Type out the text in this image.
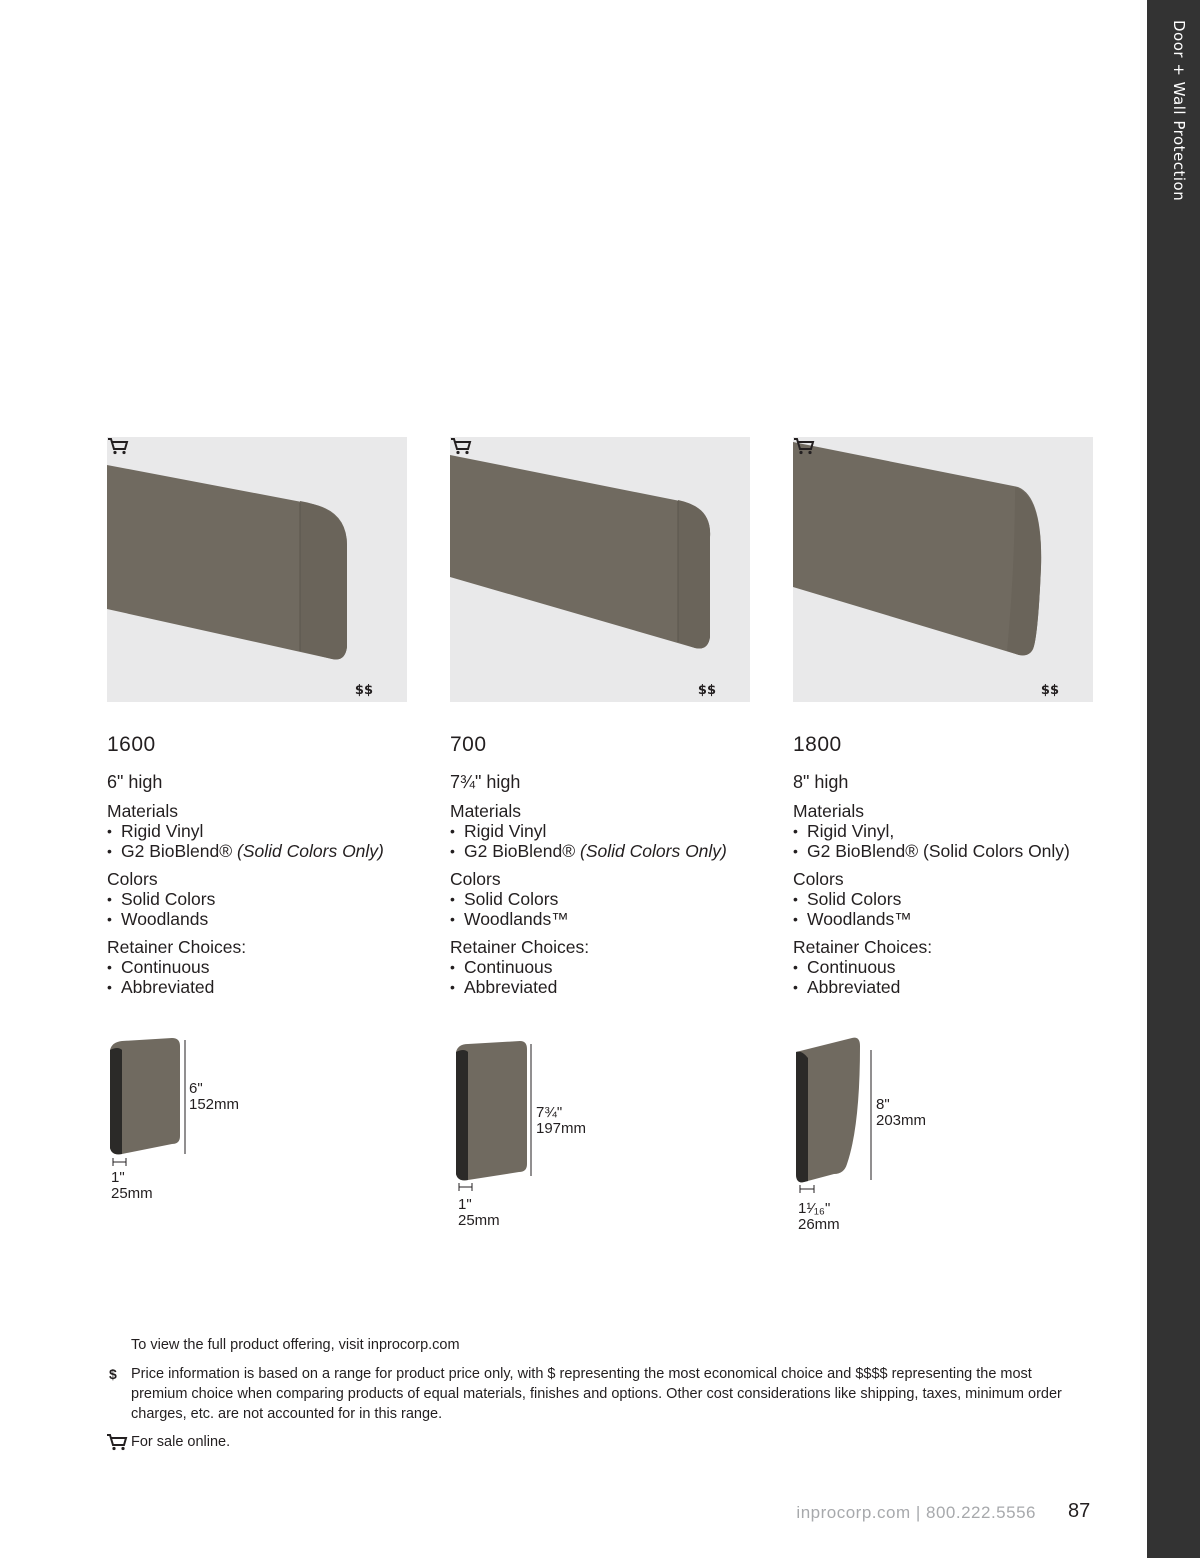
Door + Wall Protection
$$
1600
6" high
Materials
• Rigid Vinyl
• G2 BioBlend® (Solid Colors Only)
Colors
• Solid Colors
• Woodlands
Retainer Choices:
• Continuous
• Abbreviated
$$
700
7¾" high
Materials
• Rigid Vinyl
• G2 BioBlend® (Solid Colors Only)
Colors
• Solid Colors
• Woodlands™
Retainer Choices:
• Continuous
• Abbreviated
$$
1800
8" high
Materials
• Rigid Vinyl,
• G2 BioBlend® (Solid Colors Only)
Colors
• Solid Colors
• Woodlands™
Retainer Choices:
• Continuous
• Abbreviated
6"
152mm
1"
25mm
7¾"
197mm
1"
25mm
8"
203mm
1¹⁄₁₆"
26mm
To view the full product offering, visit inprocorp.com
$ Price information is based on a range for product price only, with $ representing the most economical choice and $$$$ representing the most premium choice when comparing products of equal materials, finishes and options. Other cost considerations like shipping, taxes, minimum order charges, etc. are not accounted for in this range.
For sale online.
inprocorp.com | 800.222.5556 87
